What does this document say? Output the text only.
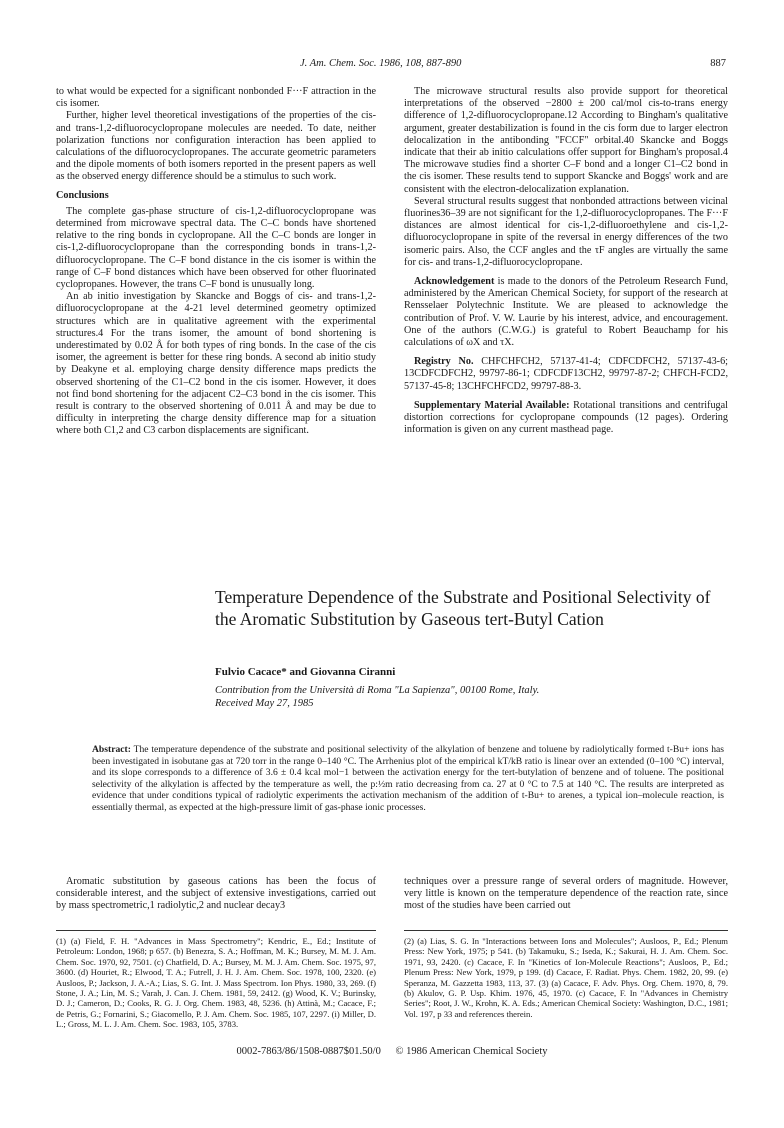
J. Am. Chem. Soc. 1986, 108, 887-890	887

to what would be expected for a significant nonbonded F···F attraction in the cis isomer.

Further, higher level theoretical investigations of the properties of the cis- and trans-1,2-difluorocyclopropane molecules are needed. To date, neither polarization functions nor configuration interaction has been applied to calculations of the difluorocyclopropanes. The accurate geometric parameters and the dipole moments of both isomers reported in the present papers as well as the observed energy difference should be a stimulus to such work.

Conclusions

The complete gas-phase structure of cis-1,2-difluorocyclopropane was determined from microwave spectral data. The C–C bonds have shortened relative to the ring bonds in cyclopropane. All the C–C bonds are longer in cis-1,2-difluorocyclopropane than the corresponding bonds in trans-1,2-difluorocyclopropane. The C–F bond distance in the cis isomer is within the range of C–F bond distances which have been observed for other fluorinated cyclopropanes. However, the trans C–F bond is unusually long.

An ab initio investigation by Skancke and Boggs of cis- and trans-1,2-difluorocyclopropane at the 4-21 level determined geometry optimized structures which are in qualitative agreement with the experimental structures.4 For the trans isomer, the amount of bond shortening is underestimated by 0.02 Å for both types of ring bonds. In the case of the cis isomer, the agreement is better for these ring bonds. A second ab initio study by Deakyne et al. employing charge density difference maps predicts the observed shortening of the C1–C2 bond in the cis isomer. However, it does not find bond shortening for the adjacent C2–C3 bond in the cis isomer. This result is contrary to the observed shortening of 0.011 Å and may be due to difficulty in interpreting the charge density difference map for a situation where both C1,2 and C3 carbon displacements are significant.

The microwave structural results also provide support for theoretical interpretations of the observed −2800 ± 200 cal/mol cis-to-trans energy difference of 1,2-difluorocyclopropane.12 According to Bingham's qualitative argument, greater destabilization is found in the cis form due to larger electron delocalization in the antibonding "FCCF" orbital.40 Skancke and Boggs indicate that their ab initio calculations offer support for Bingham's proposal.4 The microwave studies find a shorter C–F bond and a longer C1–C2 bond in the cis isomer. These results tend to support Skancke and Boggs' work and are consistent with the electron-delocalization explanation.

Several structural results suggest that nonbonded attractions between vicinal fluorines36–39 are not significant for the 1,2-difluorocyclopropanes. The F···F distances are almost identical for cis-1,2-difluoroethylene and cis-1,2-difluorocyclopropane in spite of the reversal in energy differences of the two isomeric pairs. Also, the CCF angles and the τF angles are virtually the same for cis- and trans-1,2-difluorocyclopropane.

Acknowledgement is made to the donors of the Petroleum Research Fund, administered by the American Chemical Society, for support of the research at Rensselaer Polytechnic Institute. We are pleased to acknowledge the contribution of Prof. V. W. Laurie by his interest, advice, and encouragement. One of the authors (C.W.G.) is grateful to Robert Beauchamp for his calculations of ωX and τX.

Registry No. CHFCHFCH2, 57137-41-4; CDFCDFCH2, 57137-43-6; 13CDFCDFCH2, 99797-86-1; CDFCDF13CH2, 99797-87-2; CHFCH-FCD2, 57137-45-8; 13CHFCHFCD2, 99797-88-3.

Supplementary Material Available: Rotational transitions and centrifugal distortion corrections for cyclopropane compounds (12 pages). Ordering information is given on any current masthead page.

Temperature Dependence of the Substrate and Positional Selectivity of the Aromatic Substitution by Gaseous tert-Butyl Cation
Fulvio Cacace* and Giovanna Ciranni
Contribution from the Università di Roma "La Sapienza", 00100 Rome, Italy.
Received May 27, 1985
Abstract: The temperature dependence of the substrate and positional selectivity of the alkylation of benzene and toluene by radiolytically formed t-Bu+ ions has been investigated in isobutane gas at 720 torr in the range 0–140 °C. The Arrhenius plot of the empirical kT/kB ratio is linear over an extended (0–100 °C) interval, and its slope corresponds to a difference of 3.6 ± 0.4 kcal mol−1 between the activation energy for the tert-butylation of benzene and of toluene. The positional selectivity of the alkylation is affected by the temperature as well, the p:½m ratio decreasing from ca. 27 at 0 °C to 7.5 at 140 °C. The results are interpreted as evidence that under conditions typical of radiolytic experiments the activation mechanism of the addition of t-Bu+ to arenes, a typical ion–molecule reaction, is essentially thermal, as expected at the high-pressure limit of gas-phase ionic processes.
Aromatic substitution by gaseous cations has been the focus of considerable interest, and the subject of extensive investigations, carried out by mass spectrometric,1 radiolytic,2 and nuclear decay3
techniques over a pressure range of several orders of magnitude. However, very little is known on the temperature dependence of the reaction rate, since most of the studies have been carried out
(1) (a) Field, F. H. "Advances in Mass Spectrometry"; Kendric, E., Ed.; Institute of Petroleum: London, 1968; p 657. (b) Benezra, S. A.; Hoffman, M. K.; Bursey, M. M. J. Am. Chem. Soc. 1970, 92, 7501. (c) Chatfield, D. A.; Bursey, M. M. J. Am. Chem. Soc. 1975, 97, 3600. (d) Houriet, R.; Elwood, T. A.; Futrell, J. H. J. Am. Chem. Soc. 1978, 100, 2320. (e) Ausloos, P.; Jackson, J. A.-A.; Lias, S. G. Int. J. Mass Spectrom. Ion Phys. 1980, 33, 269. (f) Stone, J. A.; Lin, M. S.; Varah, J. Can. J. Chem. 1981, 59, 2412. (g) Wood, K. V.; Burinsky, D. J.; Cameron, D.; Cooks, R. G. J. Org. Chem. 1983, 48, 5236. (h) Attinà, M.; Cacace, F.; de Petris, G.; Fornarini, S.; Giacomello, P. J. Am. Chem. Soc. 1985, 107, 2297. (i) Miller, D. L.; Gross, M. L. J. Am. Chem. Soc. 1983, 105, 3783.
(2) (a) Lias, S. G. In "Interactions between Ions and Molecules"; Ausloos, P., Ed.; Plenum Press: New York, 1975; p 541. (b) Takamuku, S.; Iseda, K.; Sakurai, H. J. Am. Chem. Soc. 1971, 93, 2420. (c) Cacace, F. In "Kinetics of Ion-Molecule Reactions"; Ausloos, P., Ed.; Plenum Press: New York, 1979, p 199. (d) Cacace, F. Radiat. Phys. Chem. 1982, 20, 99. (e) Speranza, M. Gazzetta 1983, 113, 37. (3) (a) Cacace, F. Adv. Phys. Org. Chem. 1970, 8, 79. (b) Akulov, G. P. Usp. Khim. 1976, 45, 1970. (c) Cacace, F. In "Advances in Chemistry Series"; Root, J. W., Krohn, K. A. Eds.; American Chemical Society: Washington, D.C., 1981; Vol. 197, p 33 and references therein.
0002-7863/86/1508-0887$01.50/0 © 1986 American Chemical Society
